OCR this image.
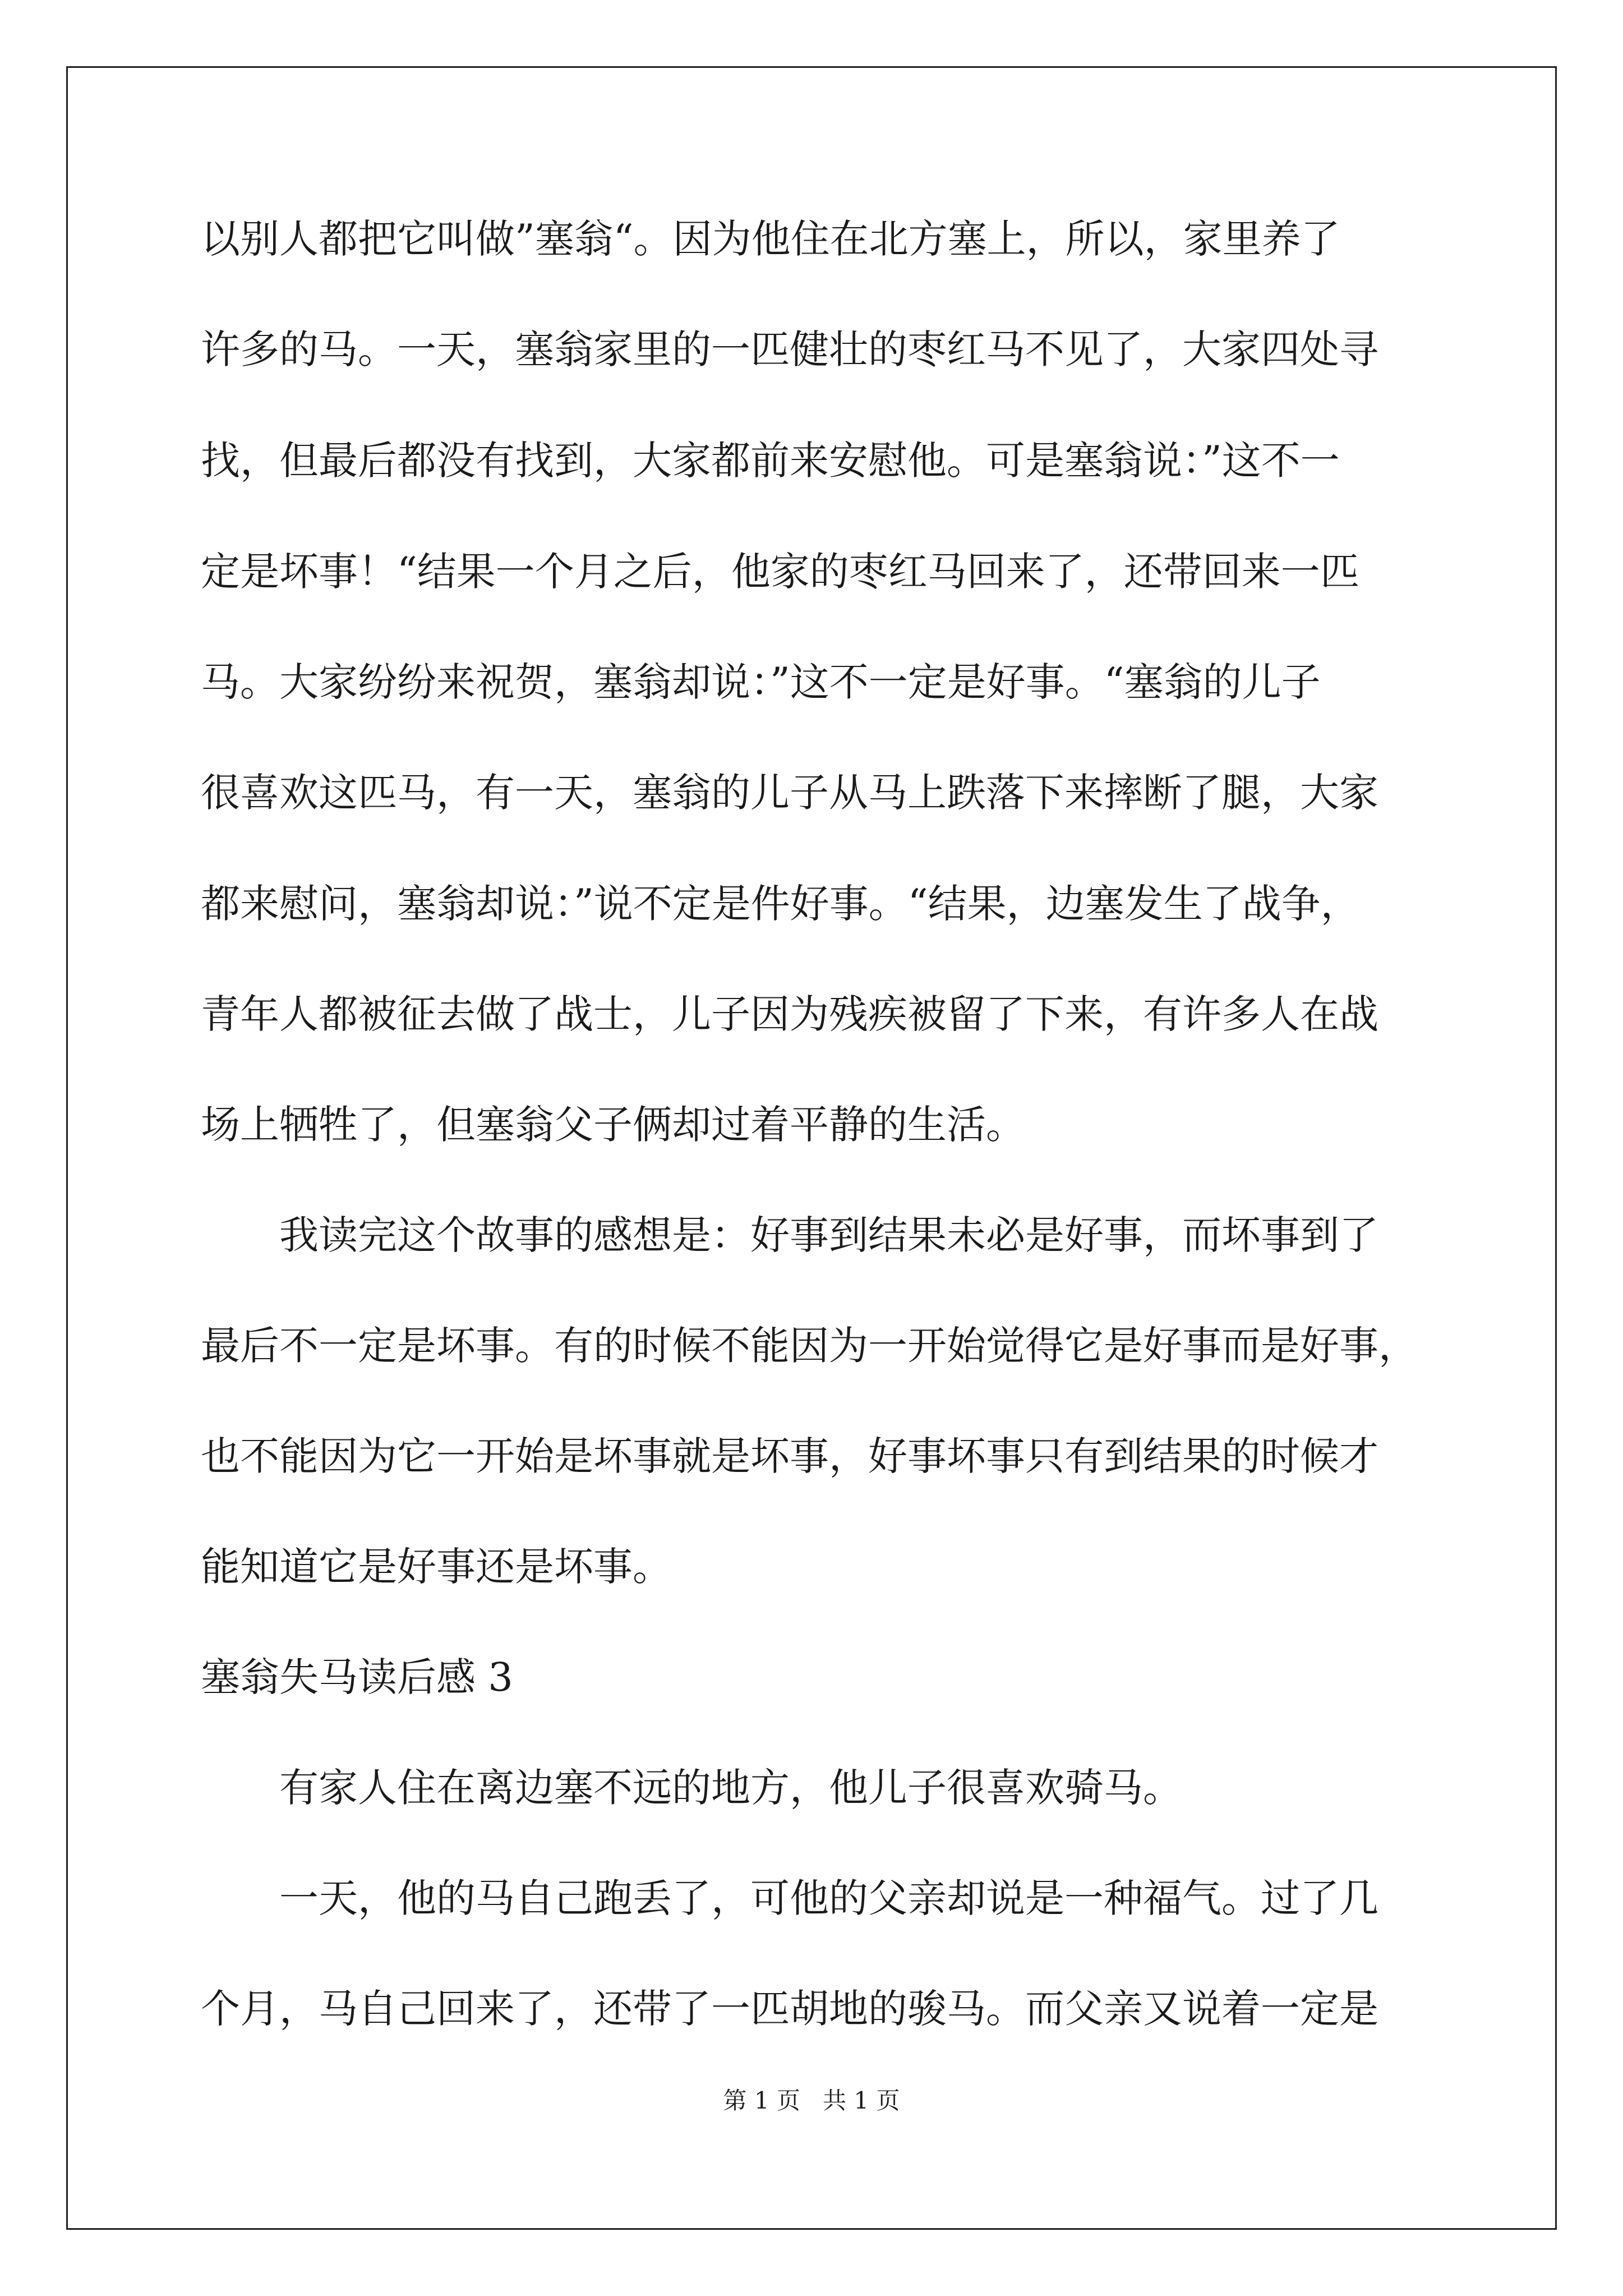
以别人都把它叫做”塞翁“。因为他住在北方塞上，所以，家里养了
许多的马。一天，塞翁家里的一匹健壮的枣红马不见了，大家四处寻
找，但最后都没有找到，大家都前来安慰他。可是塞翁说：”这不一
定是坏事！“结果一个月之后，他家的枣红马回来了，还带回来一匹
马。大家纷纷来祝贺，塞翁却说：”这不一定是好事。“塞翁的儿子
很喜欢这匹马，有一天，塞翁的儿子从马上跌落下来摔断了腿，大家
都来慰问，塞翁却说：”说不定是件好事。“结果，边塞发生了战争，
青年人都被征去做了战士，儿子因为残疾被留了下来，有许多人在战
场上牺牲了，但塞翁父子俩却过着平静的生活。
我读完这个故事的感想是：好事到结果未必是好事，而坏事到了
最后不一定是坏事。有的时候不能因为一开始觉得它是好事而是好事，
也不能因为它一开始是坏事就是坏事，好事坏事只有到结果的时候才
能知道它是好事还是坏事。
塞翁失马读后感 3
有家人住在离边塞不远的地方，他儿子很喜欢骑马。
一天，他的马自己跑丢了，可他的父亲却说是一种福气。过了几
个月，马自己回来了，还带了一匹胡地的骏马。而父亲又说着一定是
第 1 页   共 1 页
